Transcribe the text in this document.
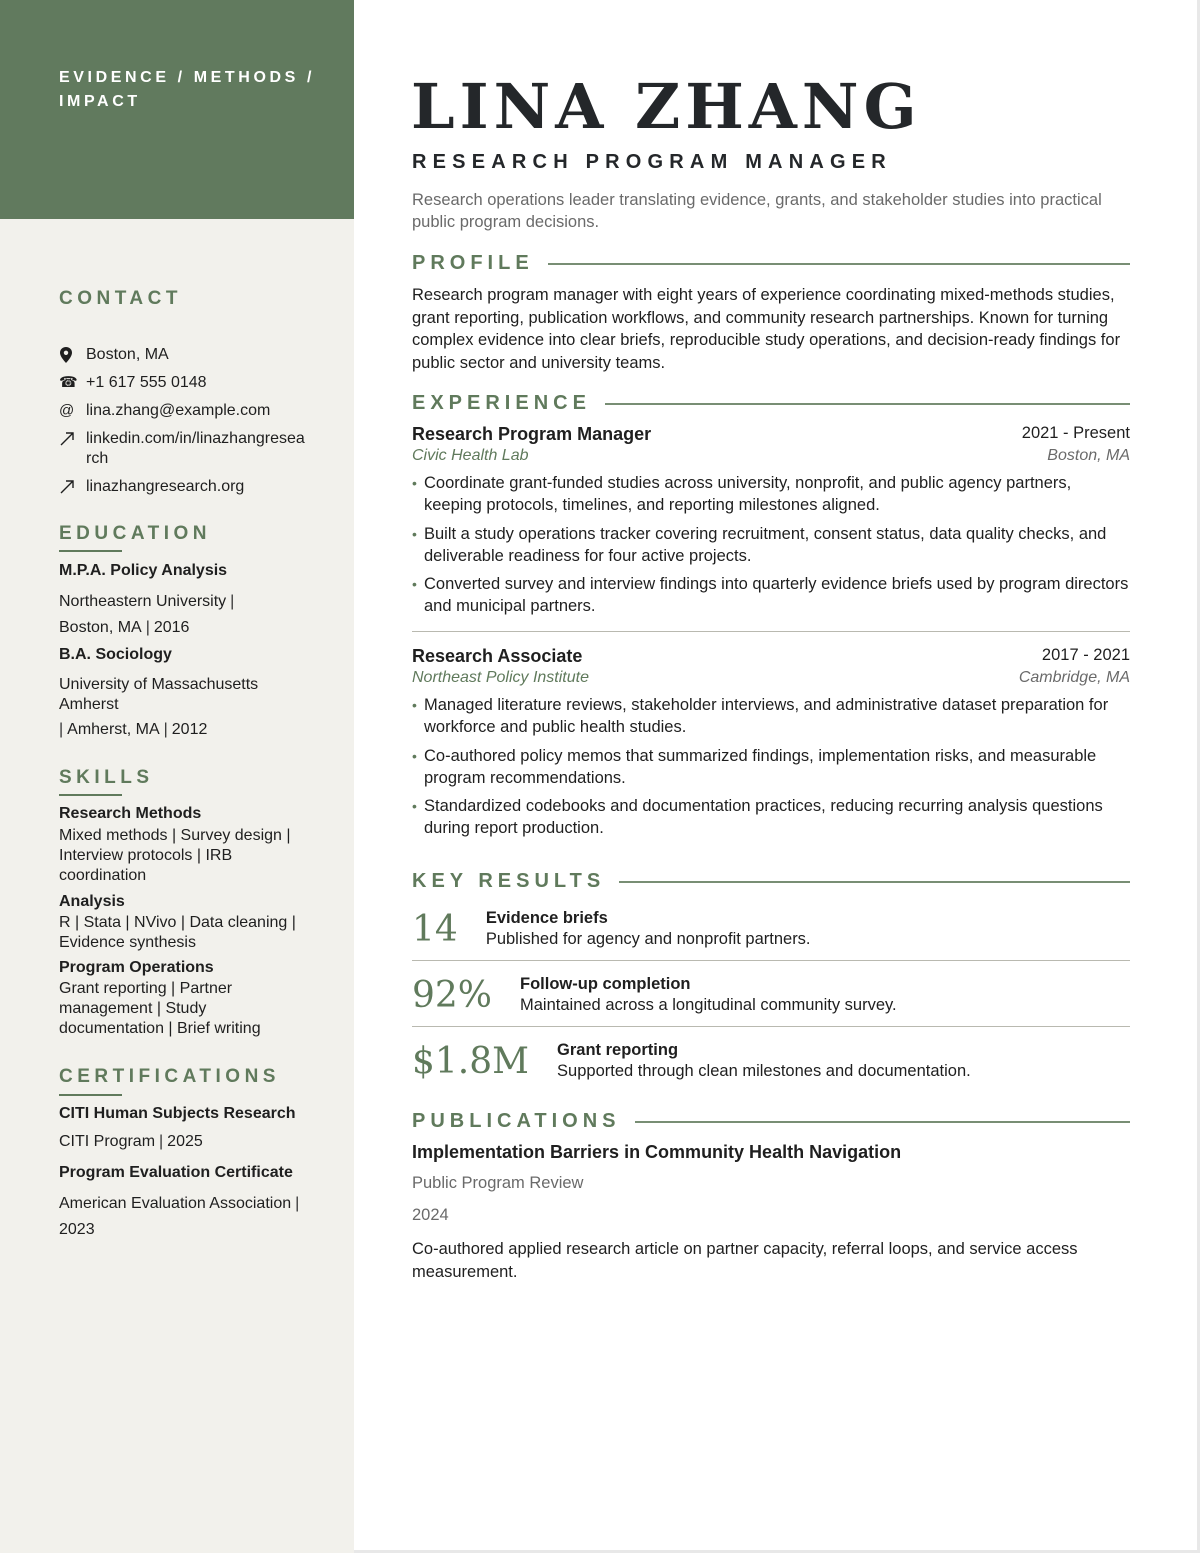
EVIDENCE / METHODS / IMPACT
CONTACT
Boston, MA
☎ +1 617 555 0148
@ lina.zhang@example.com
linkedin.com/in/linazhangresearch
linazhangresearch.org
EDUCATION
M.P.A. Policy Analysis
Northeastern University |
Boston, MA | 2016
B.A. Sociology
University of Massachusetts Amherst
| Amherst, MA | 2012
SKILLS
Research Methods
Mixed methods | Survey design | Interview protocols | IRB coordination
Analysis
R | Stata | NVivo | Data cleaning | Evidence synthesis
Program Operations
Grant reporting | Partner management | Study documentation | Brief writing
CERTIFICATIONS
CITI Human Subjects Research
CITI Program | 2025
Program Evaluation Certificate
American Evaluation Association |
2023
LINA ZHANG
RESEARCH PROGRAM MANAGER

Research operations leader translating evidence, grants, and stakeholder studies into practical public program decisions.

PROFILE

Research program manager with eight years of experience coordinating mixed-methods studies, grant reporting, publication workflows, and community research partnerships. Known for turning complex evidence into clear briefs, reproducible study operations, and decision-ready findings for public sector and university teams.

EXPERIENCE
Research Program Manager	2021 - Present
Civic Health Lab	Boston, MA
• Coordinate grant-funded studies across university, nonprofit, and public agency partners, keeping protocols, timelines, and reporting milestones aligned.
• Built a study operations tracker covering recruitment, consent status, data quality checks, and deliverable readiness for four active projects.
• Converted survey and interview findings into quarterly evidence briefs used by program directors and municipal partners.
Research Associate	2017 - 2021
Northeast Policy Institute	Cambridge, MA
• Managed literature reviews, stakeholder interviews, and administrative dataset preparation for workforce and public health studies.
• Co-authored policy memos that summarized findings, implementation risks, and measurable program recommendations.
• Standardized codebooks and documentation practices, reducing recurring analysis questions during report production.
KEY RESULTS
14 Evidence briefs
Published for agency and nonprofit partners.
92% Follow-up completion
Maintained across a longitudinal community survey.
$1.8M Grant reporting
Supported through clean milestones and documentation.
PUBLICATIONS
Implementation Barriers in Community Health Navigation
Public Program Review
2024

Co-authored applied research article on partner capacity, referral loops, and service access measurement.
